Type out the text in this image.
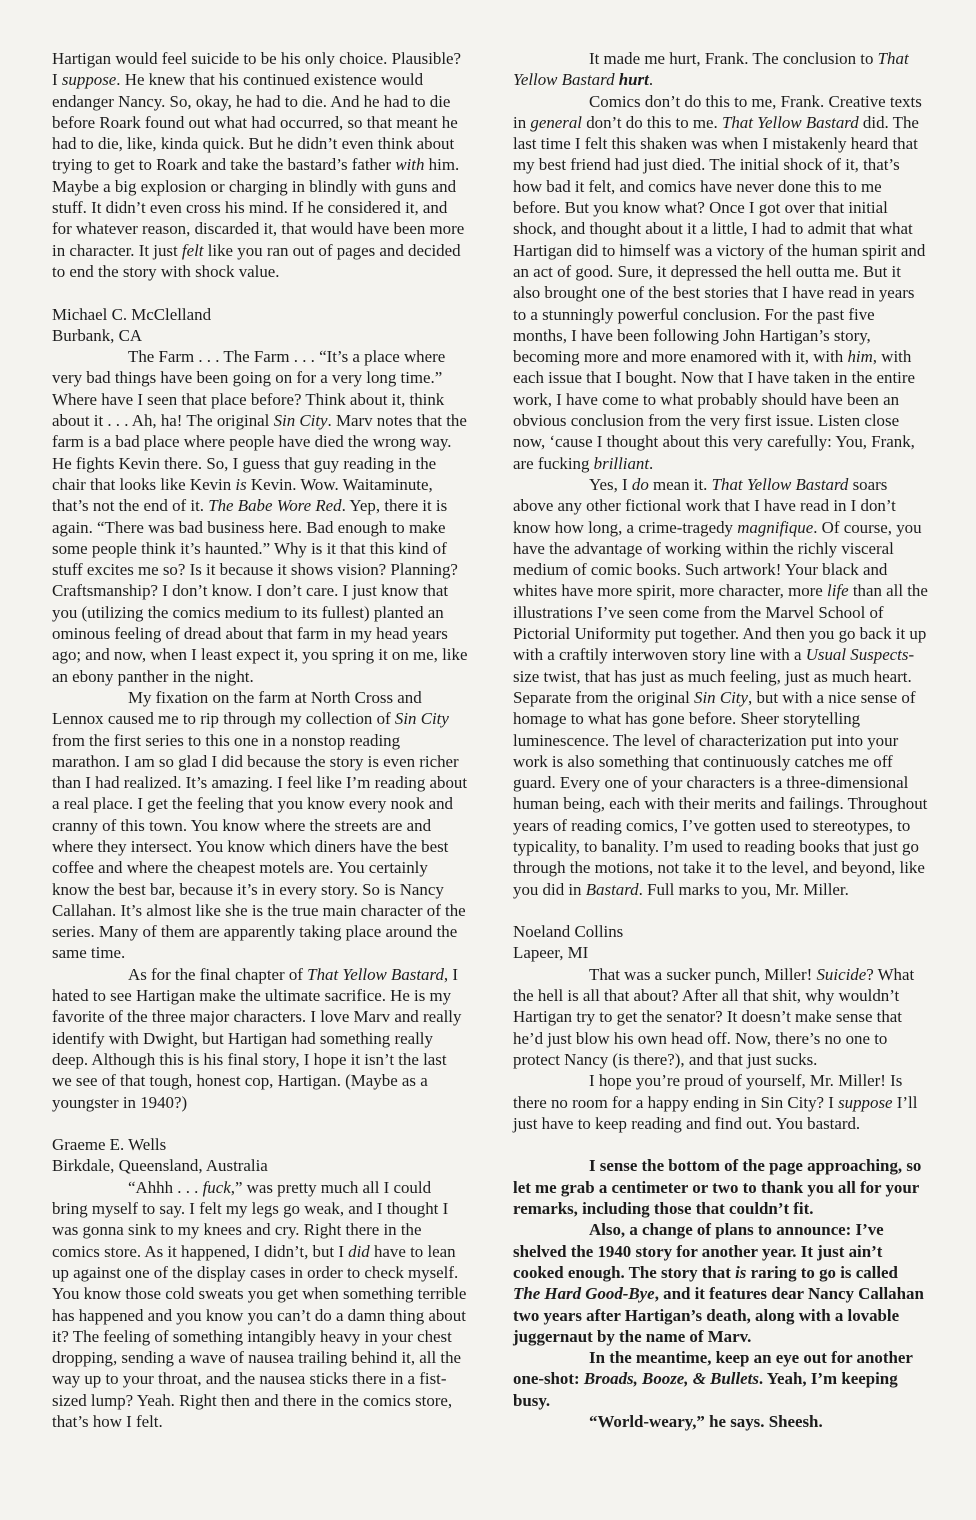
Hartigan would feel suicide to be his only choice. Plausible? I suppose. He knew that his continued existence would endanger Nancy. So, okay, he had to die. And he had to die before Roark found out what had occurred, so that meant he had to die, like, kinda quick. But he didn’t even think about trying to get to Roark and take the bastard’s father with him. Maybe a big explosion or charging in blindly with guns and stuff. It didn’t even cross his mind. If he considered it, and for whatever reason, discarded it, that would have been more in character. It just felt like you ran out of pages and decided to end the story with shock value.

Michael C. McClelland

Burbank, CA

The Farm . . . The Farm . . . “It’s a place where very bad things have been going on for a very long time.” Where have I seen that place before? Think about it, think about it . . . Ah, ha! The original Sin City. Marv notes that the farm is a bad place where people have died the wrong way. He fights Kevin there. So, I guess that guy reading in the chair that looks like Kevin is Kevin. Wow. Waitaminute, that’s not the end of it. The Babe Wore Red. Yep, there it is again. “There was bad business here. Bad enough to make some people think it’s haunted.” Why is it that this kind of stuff excites me so? Is it because it shows vision? Planning? Craftsmanship? I don’t know. I don’t care. I just know that you (utilizing the comics medium to its fullest) planted an ominous feeling of dread about that farm in my head years ago; and now, when I least expect it, you spring it on me, like an ebony panther in the night.

My fixation on the farm at North Cross and Lennox caused me to rip through my collection of Sin City from the first series to this one in a nonstop reading marathon. I am so glad I did because the story is even richer than I had realized. It’s amazing. I feel like I’m reading about a real place. I get the feeling that you know every nook and cranny of this town. You know where the streets are and where they intersect. You know which diners have the best coffee and where the cheapest motels are. You certainly know the best bar, because it’s in every story. So is Nancy Callahan. It’s almost like she is the true main character of the series. Many of them are apparently taking place around the same time.

As for the final chapter of That Yellow Bastard, I hated to see Hartigan make the ultimate sacrifice. He is my favorite of the three major characters. I love Marv and really identify with Dwight, but Hartigan had something really deep. Although this is his final story, I hope it isn’t the last we see of that tough, honest cop, Hartigan. (Maybe as a youngster in 1940?)

Graeme E. Wells

Birkdale, Queensland, Australia

“Ahhh . . . fuck,” was pretty much all I could bring myself to say. I felt my legs go weak, and I thought I was gonna sink to my knees and cry. Right there in the comics store. As it happened, I didn’t, but I did have to lean up against one of the display cases in order to check myself. You know those cold sweats you get when something terrible has happened and you know you can’t do a damn thing about it? The feeling of something intangibly heavy in your chest dropping, sending a wave of nausea trailing behind it, all the way up to your throat, and the nausea sticks there in a fist-sized lump? Yeah. Right then and there in the comics store, that’s how I felt.

It made me hurt, Frank. The conclusion to That Yellow Bastard hurt.

Comics don’t do this to me, Frank. Creative texts in general don’t do this to me. That Yellow Bastard did. The last time I felt this shaken was when I mistakenly heard that my best friend had just died. The initial shock of it, that’s how bad it felt, and comics have never done this to me before. But you know what? Once I got over that initial shock, and thought about it a little, I had to admit that what Hartigan did to himself was a victory of the human spirit and an act of good. Sure, it depressed the hell outta me. But it also brought one of the best stories that I have read in years to a stunningly powerful conclusion. For the past five months, I have been following John Hartigan’s story, becoming more and more enamored with it, with him, with each issue that I bought. Now that I have taken in the entire work, I have come to what probably should have been an obvious conclusion from the very first issue. Listen close now, ‘cause I thought about this very carefully: You, Frank, are fucking brilliant.

Yes, I do mean it. That Yellow Bastard soars above any other fictional work that I have read in I don’t know how long, a crime-tragedy magnifique. Of course, you have the advantage of working within the richly visceral medium of comic books. Such artwork! Your black and whites have more spirit, more character, more life than all the illustrations I’ve seen come from the Marvel School of Pictorial Uniformity put together. And then you go back it up with a craftily interwoven story line with a Usual Suspects-size twist, that has just as much feeling, just as much heart. Separate from the original Sin City, but with a nice sense of homage to what has gone before. Sheer storytelling luminescence. The level of characterization put into your work is also something that continuously catches me off guard. Every one of your characters is a three-dimensional human being, each with their merits and failings. Throughout years of reading comics, I’ve gotten used to stereotypes, to typicality, to banality. I’m used to reading books that just go through the motions, not take it to the level, and beyond, like you did in Bastard. Full marks to you, Mr. Miller.

Noeland Collins

Lapeer, MI

That was a sucker punch, Miller! Suicide? What the hell is all that about? After all that shit, why wouldn’t Hartigan try to get the senator? It doesn’t make sense that he’d just blow his own head off. Now, there’s no one to protect Nancy (is there?), and that just sucks.

I hope you’re proud of yourself, Mr. Miller! Is there no room for a happy ending in Sin City? I suppose I’ll just have to keep reading and find out. You bastard.

I sense the bottom of the page approaching, so let me grab a centimeter or two to thank you all for your remarks, including those that couldn’t fit.

Also, a change of plans to announce: I’ve shelved the 1940 story for another year. It just ain’t cooked enough. The story that is raring to go is called The Hard Good-Bye, and it features dear Nancy Callahan two years after Hartigan’s death, along with a lovable juggernaut by the name of Marv.

In the meantime, keep an eye out for another one-shot: Broads, Booze, & Bullets. Yeah, I’m keeping busy.

“World-weary,” he says. Sheesh.
